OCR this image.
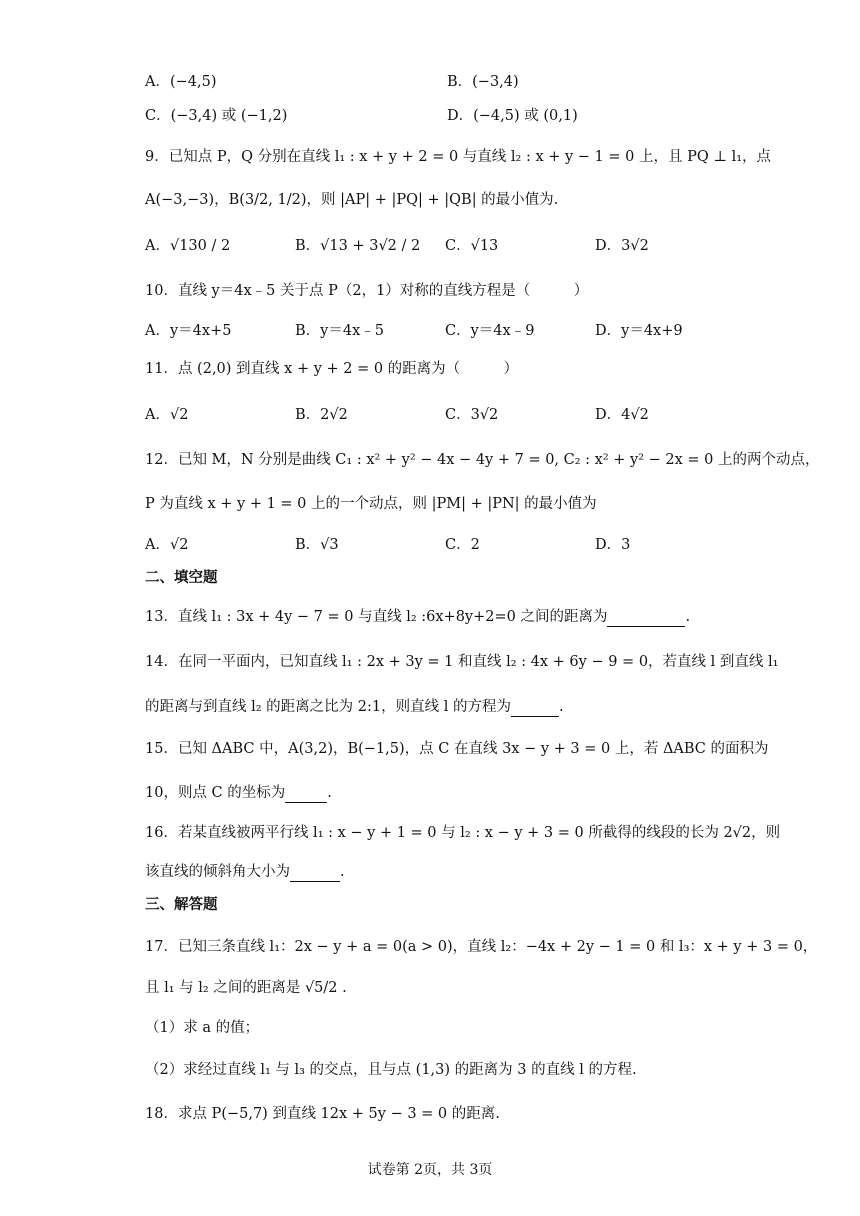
A．(−4,5)	B．(−3,4)
C．(−3,4) 或 (−1,2)	D．(−4,5) 或 (0,1)
9．已知点 P，Q 分别在直线 l₁ : x + y + 2 = 0 与直线 l₂ : x + y − 1 = 0 上，且 PQ ⊥ l₁，点
A(−3,−3)，B(3/2, 1/2)，则 |AP| + |PQ| + |QB| 的最小值为.
A．√130 / 2	B．√13 + 3√2 / 2 C．√13	D．3√2
10．直线 y＝4x﹣5 关于点 P（2，1）对称的直线方程是（　　　）
A．y＝4x+5	B．y＝4x﹣5	C．y＝4x﹣9	D．y＝4x+9
11．点 (2,0) 到直线 x + y + 2 = 0 的距离为（　　　）
A．√2	B．2√2	C．3√2	D．4√2
12．已知 M，N 分别是曲线 C₁ : x² + y² − 4x − 4y + 7 = 0, C₂ : x² + y² − 2x = 0 上的两个动点，
P 为直线 x + y + 1 = 0 上的一个动点，则 |PM| + |PN| 的最小值为
A．√2	B．√3	C．2	D．3
二、填空题
13．直线 l₁ : 3x + 4y − 7 = 0 与直线 l₂ :6x+8y+2=0 之间的距离为	.
14．在同一平面内，已知直线 l₁ : 2x + 3y = 1 和直线 l₂ : 4x + 6y − 9 = 0，若直线 l 到直线 l₁
的距离与到直线 l₂ 的距离之比为 2:1，则直线 l 的方程为	.
15．已知 ΔABC 中，A(3,2)，B(−1,5)，点 C 在直线 3x − y + 3 = 0 上，若 ΔABC 的面积为
10，则点 C 的坐标为	.
16．若某直线被两平行线 l₁ : x − y + 1 = 0 与 l₂ : x − y + 3 = 0 所截得的线段的长为 2√2，则
该直线的倾斜角大小为	.
三、解答题
17．已知三条直线 l₁：2x − y + a = 0(a > 0)，直线 l₂：−4x + 2y − 1 = 0 和 l₃：x + y + 3 = 0，
且 l₁ 与 l₂ 之间的距离是 √5/2 .
（1）求 a 的值；
（2）求经过直线 l₁ 与 l₃ 的交点，且与点 (1,3) 的距离为 3 的直线 l 的方程.
18．求点 P(−5,7) 到直线 12x + 5y − 3 = 0 的距离.
试卷第 2页，共 3页
